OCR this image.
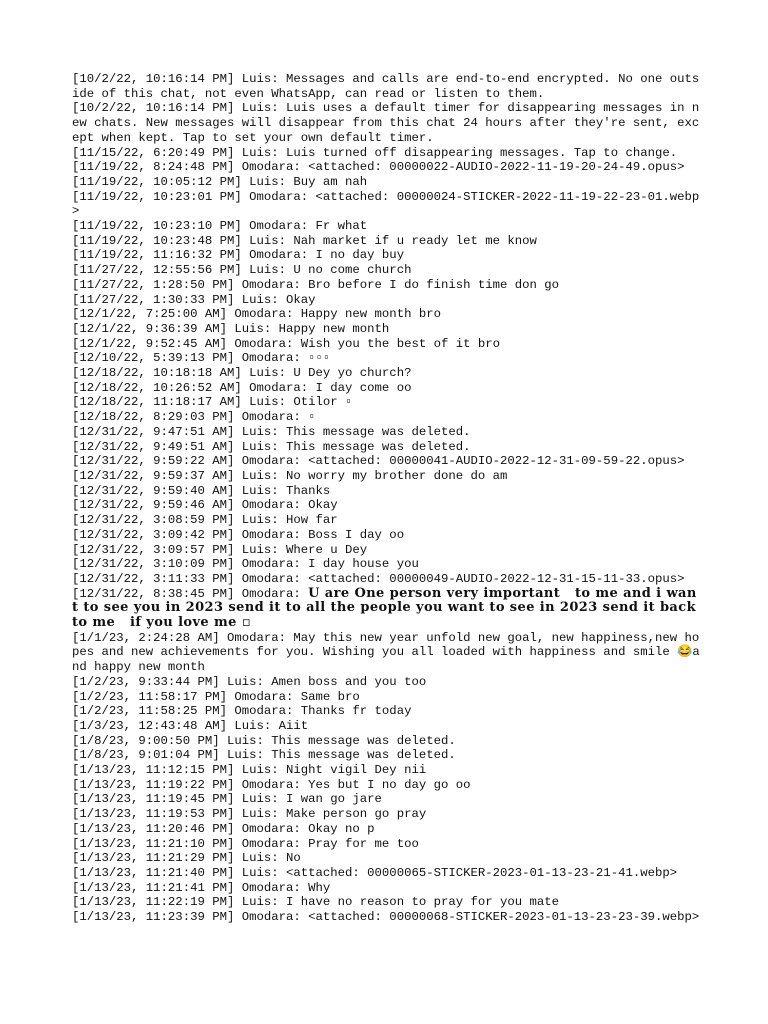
[10/2/22, 10:16:14 PM] Luis: Messages and calls are end-to-end encrypted. No one outside of this chat, not even WhatsApp, can read or listen to them.

[10/2/22, 10:16:14 PM] Luis: Luis uses a default timer for disappearing messages in new chats. New messages will disappear from this chat 24 hours after they're sent, except when kept. Tap to set your own default timer.

[11/15/22, 6:20:49 PM] Luis: Luis turned off disappearing messages. Tap to change.

[11/19/22, 8:24:48 PM] Omodara: <attached: 00000022-AUDIO-2022-11-19-20-24-49.opus>

[11/19/22, 10:05:12 PM] Luis: Buy am nah

[11/19/22, 10:23:01 PM] Omodara: <attached: 00000024-STICKER-2022-11-19-22-23-01.webp>

[11/19/22, 10:23:10 PM] Omodara: Fr what

[11/19/22, 10:23:48 PM] Luis: Nah market if u ready let me know

[11/19/22, 11:16:32 PM] Omodara: I no day buy

[11/27/22, 12:55:56 PM] Luis: U no come church

[11/27/22, 1:28:50 PM] Omodara: Bro before I do finish time don go

[11/27/22, 1:30:33 PM] Luis: Okay

[12/1/22, 7:25:00 AM] Omodara: Happy new month bro

[12/1/22, 9:36:39 AM] Luis: Happy new month

[12/1/22, 9:52:45 AM] Omodara: Wish you the best of it bro

[12/10/22, 5:39:13 PM] Omodara: ▫▫▫

[12/18/22, 10:18:18 AM] Luis: U Dey yo church?

[12/18/22, 10:26:52 AM] Omodara: I day come oo

[12/18/22, 11:18:17 AM] Luis: Otilor ▫

[12/18/22, 8:29:03 PM] Omodara: ▫

[12/31/22, 9:47:51 AM] Luis: This message was deleted.

[12/31/22, 9:49:51 AM] Luis: This message was deleted.

[12/31/22, 9:59:22 AM] Omodara: <attached: 00000041-AUDIO-2022-12-31-09-59-22.opus>

[12/31/22, 9:59:37 AM] Luis: No worry my brother done do am

[12/31/22, 9:59:40 AM] Luis: Thanks

[12/31/22, 9:59:46 AM] Omodara: Okay

[12/31/22, 3:08:59 PM] Luis: How far

[12/31/22, 3:09:42 PM] Omodara: Boss I day oo

[12/31/22, 3:09:57 PM] Luis: Where u Dey

[12/31/22, 3:10:09 PM] Omodara: I day house you

[12/31/22, 3:11:33 PM] Omodara: <attached: 00000049-AUDIO-2022-12-31-15-11-33.opus>

[12/31/22, 8:38:45 PM] Omodara: U are One person very important   to me and i want to see you in 2023 send it to all the people you want to see in 2023 send it back to me   if you love me ▫

[1/1/23, 2:24:28 AM] Omodara: May this new year unfold new goal, new happiness,new hopes and new achievements for you. Wishing you all loaded with happiness and smile 😂and happy new month

[1/2/23, 9:33:44 PM] Luis: Amen boss and you too

[1/2/23, 11:58:17 PM] Omodara: Same bro

[1/2/23, 11:58:25 PM] Omodara: Thanks fr today

[1/3/23, 12:43:48 AM] Luis: Aiit

[1/8/23, 9:00:50 PM] Luis: This message was deleted.

[1/8/23, 9:01:04 PM] Luis: This message was deleted.

[1/13/23, 11:12:15 PM] Luis: Night vigil Dey nii

[1/13/23, 11:19:22 PM] Omodara: Yes but I no day go oo

[1/13/23, 11:19:45 PM] Luis: I wan go jare

[1/13/23, 11:19:53 PM] Luis: Make person go pray

[1/13/23, 11:20:46 PM] Omodara: Okay no p

[1/13/23, 11:21:10 PM] Omodara: Pray for me too

[1/13/23, 11:21:29 PM] Luis: No

[1/13/23, 11:21:40 PM] Luis: <attached: 00000065-STICKER-2023-01-13-23-21-41.webp>

[1/13/23, 11:21:41 PM] Omodara: Why

[1/13/23, 11:22:19 PM] Luis: I have no reason to pray for you mate

[1/13/23, 11:23:39 PM] Omodara: <attached: 00000068-STICKER-2023-01-13-23-23-39.webp>
